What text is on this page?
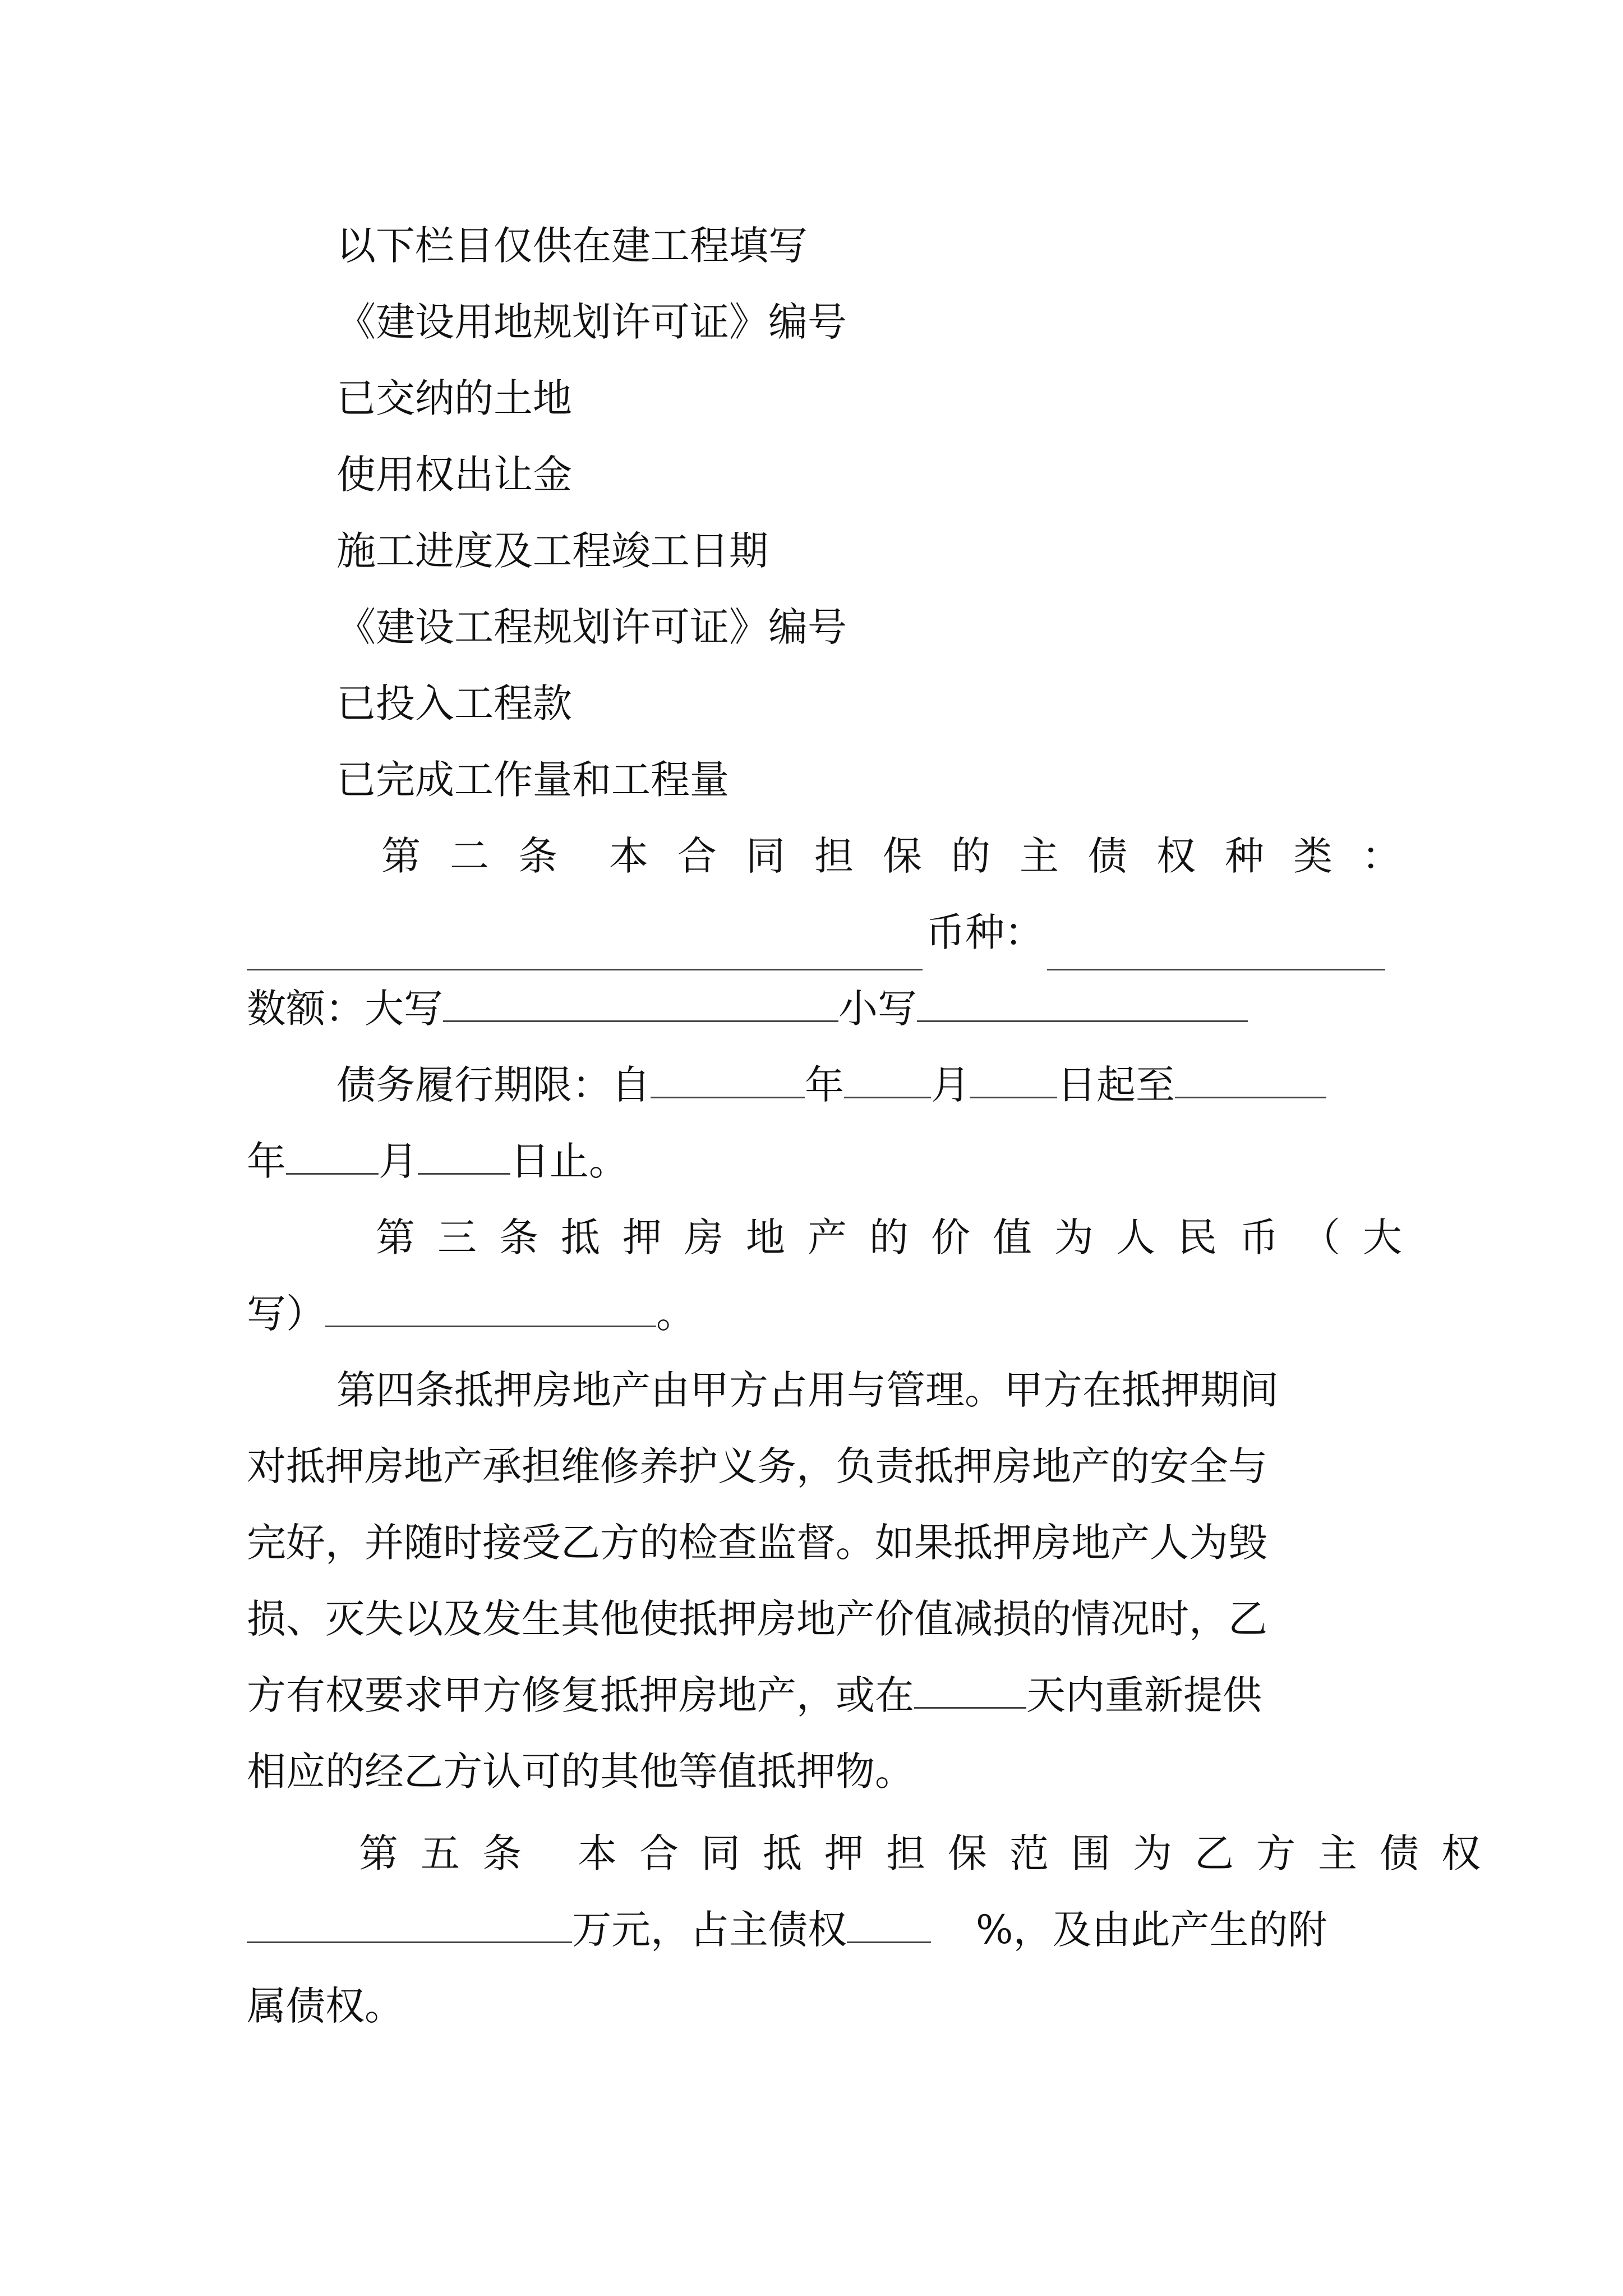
以下栏目仅供在建工程填写

《建设用地规划许可证》编号

已交纳的土地

使用权出让金

施工进度及工程竣工日期

《建设工程规划许可证》编号

已投入工程款

已完成工作量和工程量

第二条 本合同担保的主债权种类：

币种：

数额：大写	小写

债务履行期限：自	年 月 日起至

年 月 日止。

第三条抵押房地产的价值为人民币（大

写）	。

第四条抵押房地产由甲方占用与管理。甲方在抵押期间

对抵押房地产承担维修养护义务，负责抵押房地产的安全与

完好，并随时接受乙方的检查监督。如果抵押房地产人为毁

损、灭失以及发生其他使抵押房地产价值减损的情况时，乙

方有权要求甲方修复抵押房地产，或在	天内重新提供

相应的经乙方认可的其他等值抵押物。

第五条 本合同抵押担保范围为乙方主债权

万元，占主债权	%，及由此产生的附

属债权。
